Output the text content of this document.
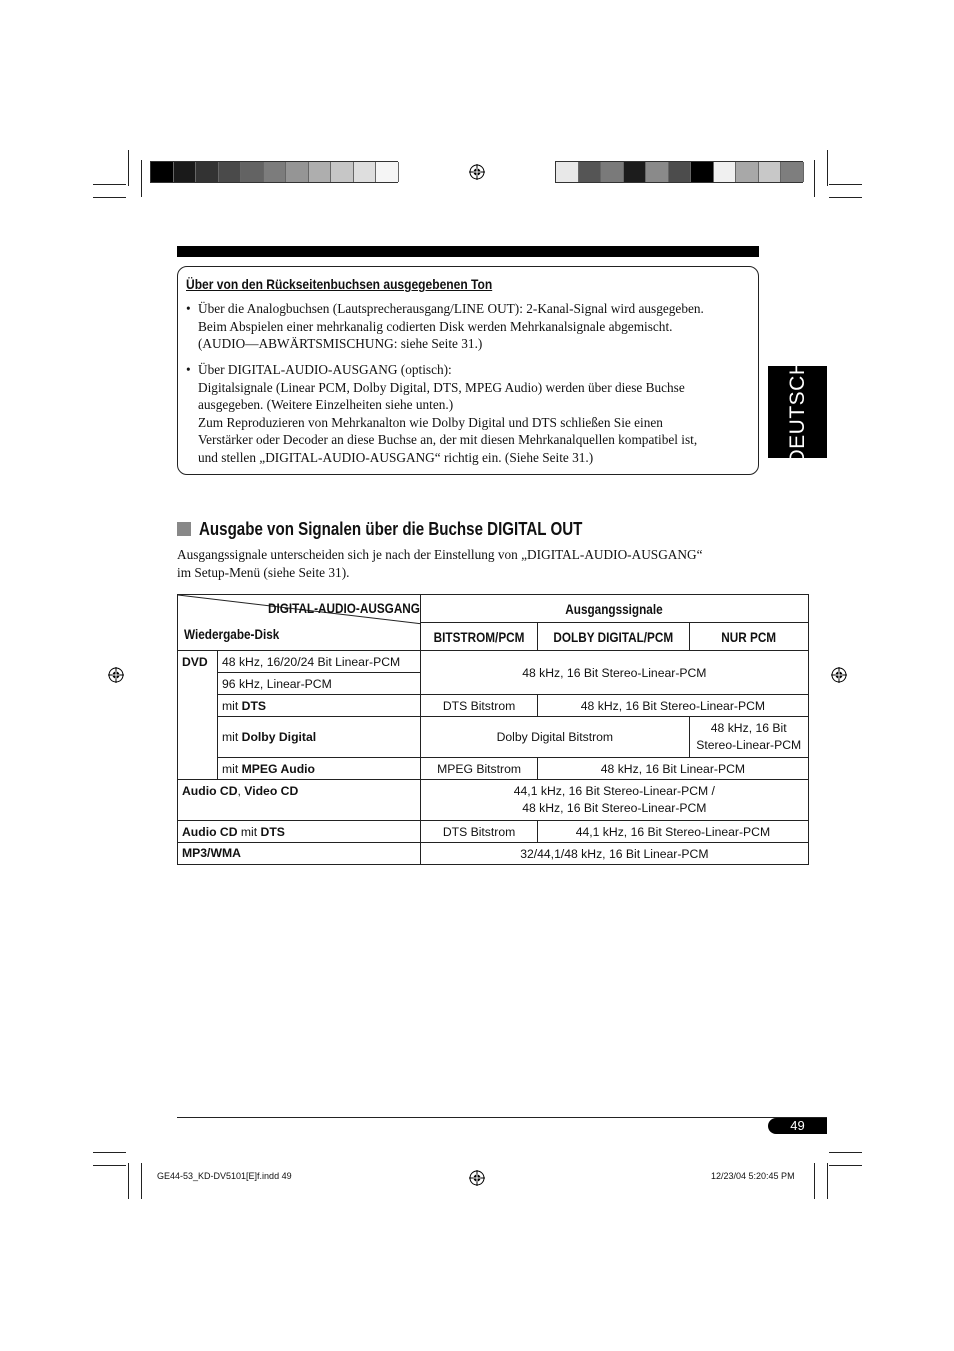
Über von den Rückseitenbuchsen ausgegebenen Ton
• Über die Analogbuchsen (Lautsprecherausgang/LINE OUT): 2-Kanal-Signal wird ausgegeben.
Beim Abspielen einer mehrkanalig codierten Disk werden Mehrkanalsignale abgemischt.
(AUDIO—ABWÄRTSMISCHUNG: siehe Seite 31.)
• Über DIGITAL-AUDIO-AUSGANG (optisch):
Digitalsignale (Linear PCM, Dolby Digital, DTS, MPEG Audio) werden über diese Buchse
ausgegeben. (Weitere Einzelheiten siehe unten.)
Zum Reproduzieren von Mehrkanalton wie Dolby Digital und DTS schließen Sie einen
Verstärker oder Decoder an diese Buchse an, der mit diesen Mehrkanalquellen kompatibel ist,
und stellen „DIGITAL-AUDIO-AUSGANG“ richtig ein. (Siehe Seite 31.)	DEUTSCH
Ausgabe von Signalen über die Buchse DIGITAL OUT
Ausgangssignale unterscheiden sich je nach der Einstellung von „DIGITAL-AUDIO-AUSGANG“
im Setup-Menü (siehe Seite 31).
DIGITAL-AUDIO-AUSGANG
Wiedergabe-Disk		Ausgangssignale		
		BITSTROM/PCM	DOLBY DIGITAL/PCM	NUR PCM
DVD	48 kHz, 16/20/24 Bit Linear-PCM	48 kHz, 16 Bit Stereo-Linear-PCM		
	96 kHz, Linear-PCM			
	mit DTS	DTS Bitstrom	48 kHz, 16 Bit Stereo-Linear-PCM	
	mit Dolby Digital	Dolby Digital Bitstrom		48 kHz, 16 Bit
Stereo-Linear-PCM

	mit MPEG Audio	MPEG Bitstrom	48 kHz, 16 Bit Linear-PCM	
Audio CD, Video CD		44,1 kHz, 16 Bit Stereo-Linear-PCM /
48 kHz, 16 Bit Stereo-Linear-PCM		

Audio CD mit DTS		DTS Bitstrom	44,1 kHz, 16 Bit Stereo-Linear-PCM	
MP3/WMA		32/44,1/48 kHz, 16 Bit Linear-PCM		
49
GE44-53_KD-DV5101[E]f.indd 49	12/23/04 5:20:45 PM
